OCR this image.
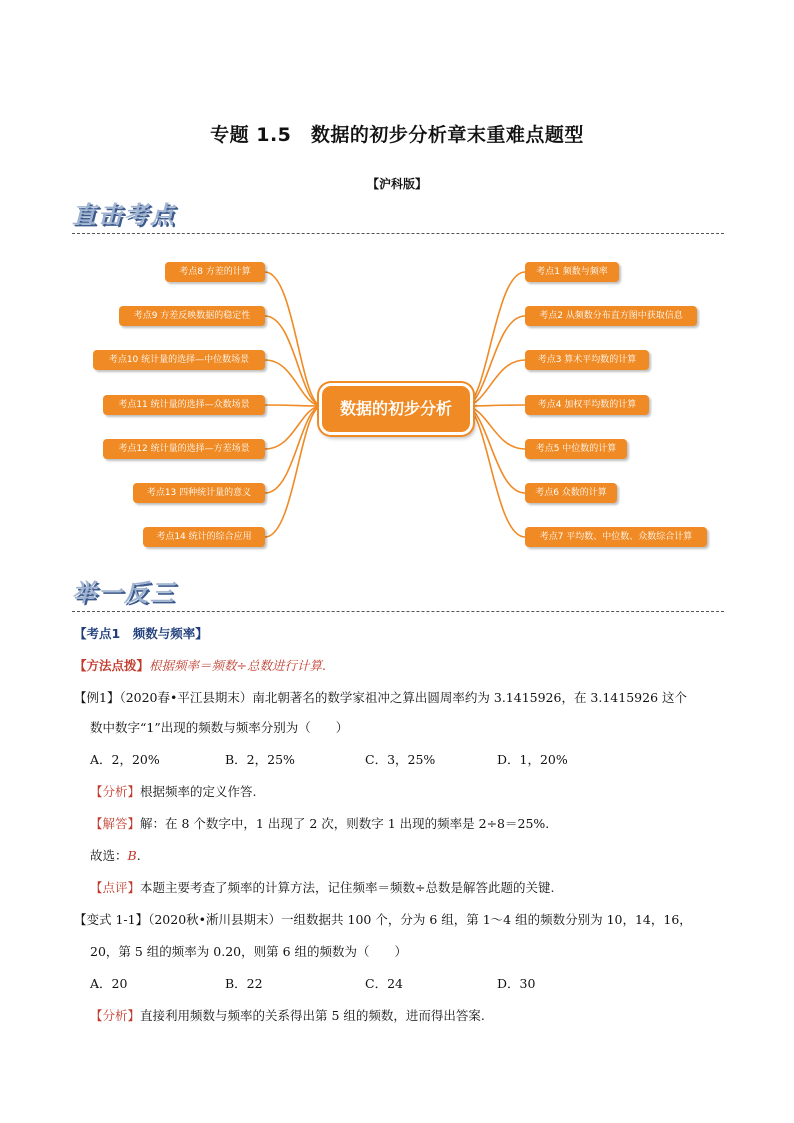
专题 1.5　数据的初步分析章末重难点题型
【沪科版】
直击考点
考点8 方差的计算
考点9 方差反映数据的稳定性
考点10 统计量的选择—中位数场景
考点11 统计量的选择—众数场景
考点12 统计量的选择—方差场景
考点13 四种统计量的意义
考点14 统计的综合应用
考点1 频数与频率
考点2 从频数分布直方图中获取信息
考点3 算术平均数的计算
考点4 加权平均数的计算
考点5 中位数的计算
考点6 众数的计算
考点7 平均数、中位数、众数综合计算
数据的初步分析
举一反三
【考点1　频数与频率】
【方法点拨】根据频率＝频数÷总数进行计算.
【例1】（2020春•平江县期末）南北朝著名的数学家祖冲之算出圆周率约为 3.1415926，在 3.1415926 这个
数中数字“1”出现的频数与频率分别为（　　）
A．2，20%	B．2，25%	C．3，25%	D．1，20%
【分析】根据频率的定义作答.
【解答】解：在 8 个数字中，1 出现了 2 次，则数字 1 出现的频率是 2÷8＝25%.
故选：B.
【点评】本题主要考查了频率的计算方法，记住频率＝频数÷总数是解答此题的关键.
【变式 1-1】（2020秋•淅川县期末）一组数据共 100 个，分为 6 组，第 1～4 组的频数分别为 10，14，16，
20，第 5 组的频率为 0.20，则第 6 组的频数为（　　）
A．20	B．22	C．24	D．30
【分析】直接利用频数与频率的关系得出第 5 组的频数，进而得出答案.
